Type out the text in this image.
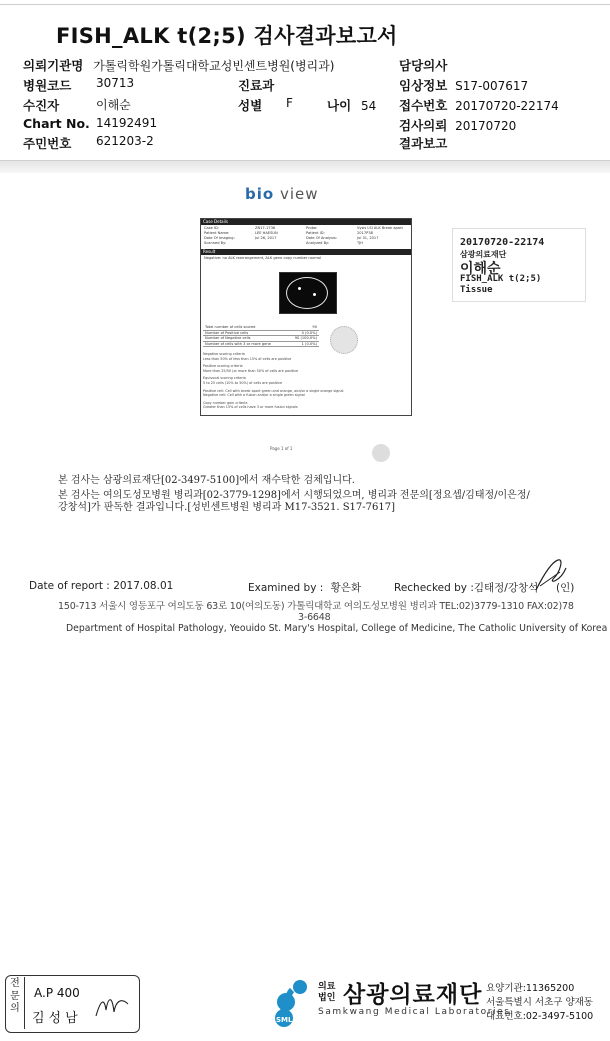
FISH_ALK t(2;5) 검사결과보고서
의뢰기관명 가톨릭학원가톨릭대학교성빈센트병원(병리과)	담당의사
병원코드 30713	진료과	임상정보 S17-007617
수진자	이해순	성별 F	나이 54 접수번호 20170720-22174
Chart No. 14192491	검사의뢰 20170720
주민번호 621203-2	결과보고
bio view
Case Details
Case ID:	ZN17-1736	Probe:	Vysis LSI ALK Break apart
Patient Name:	LEE HAESUN	Patient ID:	2017P38
Date Of Imaging:	Jul 26, 2017	Date Of Analysis:	Jul 31, 2017
Scanned By:	Analyzed By:	TJH
Result
Negative: no ALK rearrangement, ALK gene copy number normal
Total number of cells scored	90
Number of Positive cells	0 (0.0%)
Number of Negative cells	90 (100.0%)
Number of cells with 3 or more gene	1 (0.0%)
Negative scoring criteria
Less than 50% of less than 15% of cells are positive
Positive scoring criteria
More than 25/50 (or more than 50% of cells are positive
Equivocal scoring criteria
5 to 25 cells (10% to 50%) of cells are positive
Positive cell: Cell with break apart green and orange, and/or a single orange signal
Negative cell: Cell with a fusion and/or a single green signal
Copy number gain criteria
Greater than 15% of cells have 3 or more fusion signals
Page 1 of 1
20170720-22174
삼광의료재단
이해순
FISH_ALK t(2;5)
Tissue
본 검사는 삼광의료재단[02-3497-5100]에서 재수탁한 검체입니다.
본 검사는 여의도성모병원 병리과[02-3779-1298]에서 시행되었으며, 병리과 전문의[정요셉/김태정/이은정/
강창석]가 판독한 결과입니다.[성빈센트병원 병리과 M17-3521. S17-7617]
Date of report : 2017.08.01	Examined by : 황은화	Rechecked by :김태정/강창석 (인)
150-713 서울시 영등포구 여의도동 63로 10(여의도동) 가톨릭대학교 여의도성모병원 병리과 TEL:02)3779-1310 FAX:02)78
3-6648
Department of Hospital Pathology, Yeouido St. Mary's Hospital, College of Medicine, The Catholic University of Korea
전
문
의
A.P 400
김성남	SML
의료
법인 삼광의료재단
Samkwang Medical Laboratories
요양기관:11365200
서울특별시 서초구 양재동
대표번호:02-3497-5100
